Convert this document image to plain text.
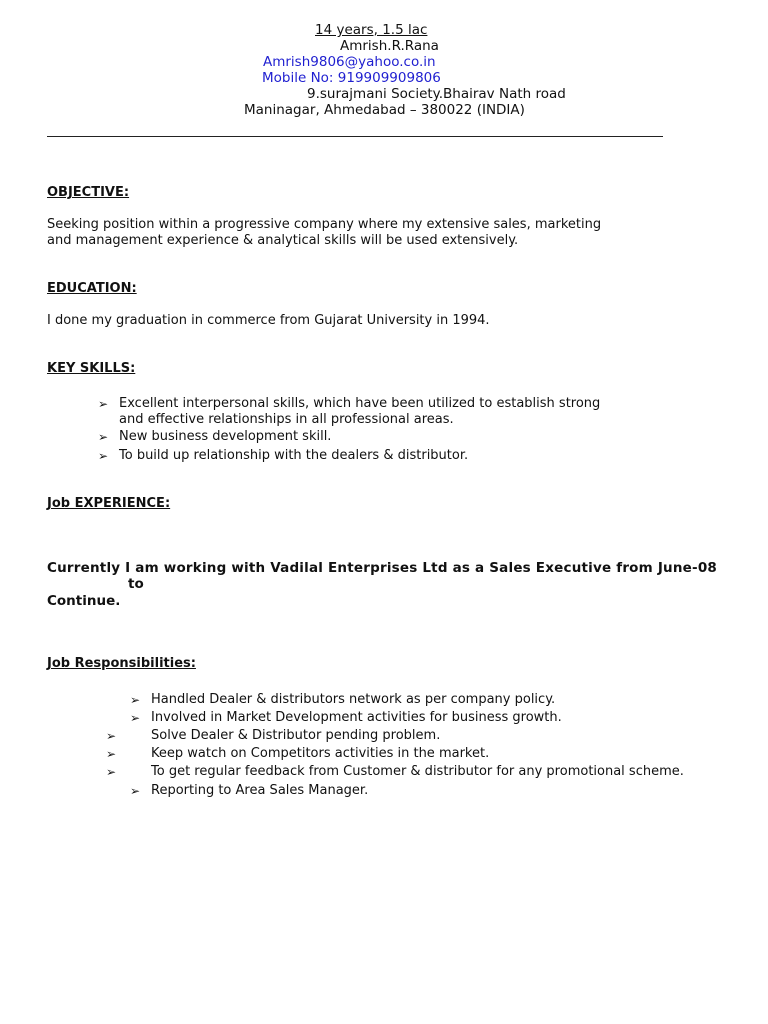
14 years, 1.5 lac
Amrish.R.Rana
Amrish9806@yahoo.co.in
Mobile No: 919909909806
9.surajmani Society.Bhairav Nath road
Maninagar, Ahmedabad – 380022 (INDIA)
OBJECTIVE:
Seeking position within a progressive company where my extensive sales, marketing
and management experience & analytical skills will be used extensively.
EDUCATION:
I done my graduation in commerce from Gujarat University in 1994.
KEY SKILLS:
➢ Excellent interpersonal skills, which have been utilized to establish strong
and effective relationships in all professional areas.
➢ New business development skill.
➢ To build up relationship with the dealers & distributor.
Job EXPERIENCE:
Currently I am working with Vadilal Enterprises Ltd as a Sales Executive from June-08
to
Continue.
Job Responsibilities:
➢ Handled Dealer & distributors network as per company policy.
➢ Involved in Market Development activities for business growth.
➢	Solve Dealer & Distributor pending problem.
➢	Keep watch on Competitors activities in the market.
➢	To get regular feedback from Customer & distributor for any promotional scheme.
➢ Reporting to Area Sales Manager.
